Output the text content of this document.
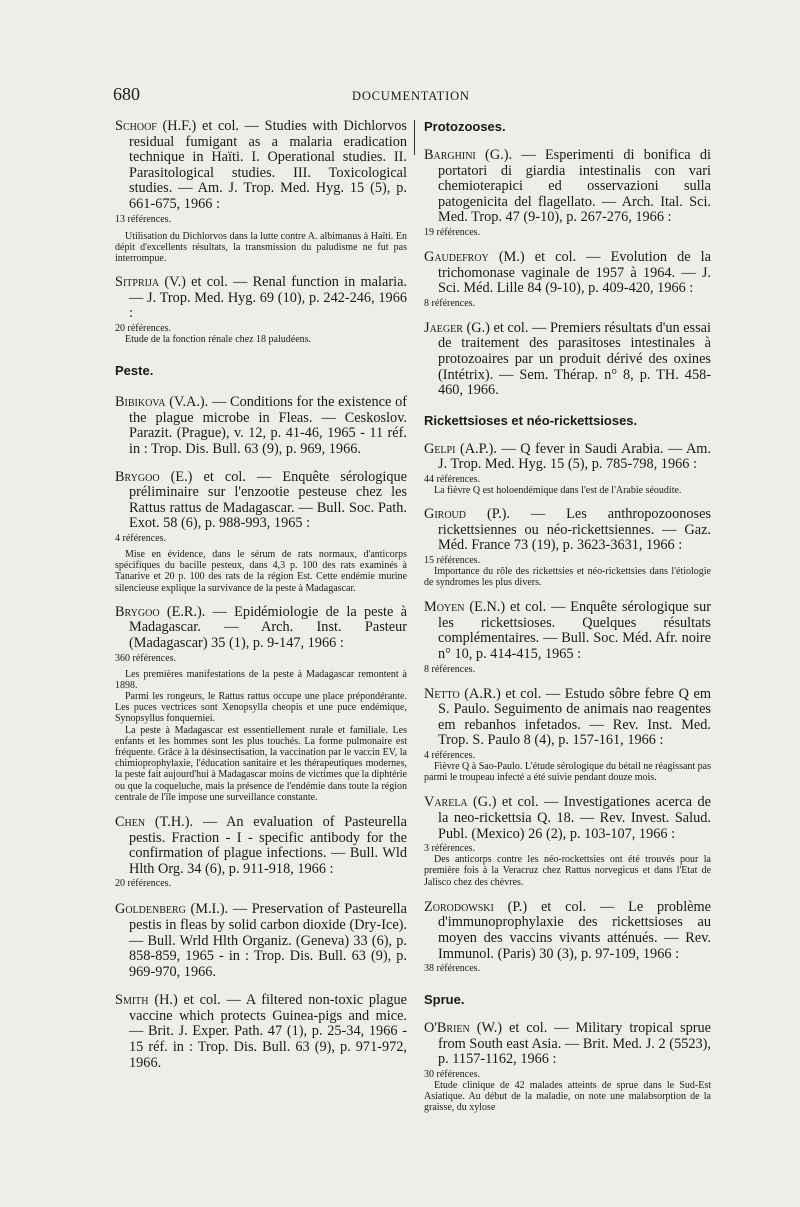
680	DOCUMENTATION
Schoof (H.F.) et col. — Studies with Dichlorvos residual fumigant as a malaria eradication technique in Haïti. I. Operational studies. II. Parasitological studies. III. Toxicological studies. — Am. J. Trop. Med. Hyg. 15 (5), p. 661-675, 1966 :
13 références.
Utilisation du Dichlorvos dans la lutte contre A. albimanus à Haïti. En dépit d'excellents résultats, la transmission du paludisme ne fut pas interrompue.
Sitprija (V.) et col. — Renal function in malaria. — J. Trop. Med. Hyg. 69 (10), p. 242-246, 1966 :
20 références.
Etude de la fonction rénale chez 18 paludéens.
Peste.
Bibikova (V.A.). — Conditions for the existence of the plague microbe in Fleas. — Ceskoslov. Parazit. (Prague), v. 12, p. 41-46, 1965 - 11 réf. in : Trop. Dis. Bull. 63 (9), p. 969, 1966.
Brygoo (E.) et col. — Enquête sérologique préliminaire sur l'enzootie pesteuse chez les Rattus rattus de Madagascar. — Bull. Soc. Path. Exot. 58 (6), p. 988-993, 1965 :
4 références.
Mise en évidence, dans le sérum de rats normaux, d'anticorps spécifiques du bacille pesteux, dans 4,3 p. 100 des rats examinés à Tanarive et 20 p. 100 des rats de la région Est. Cette endémie murine silencieuse explique la survivance de la peste à Madagascar.
Brygoo (E.R.). — Epidémiologie de la peste à Madagascar. — Arch. Inst. Pasteur (Madagascar) 35 (1), p. 9-147, 1966 :
360 références.
Les premières manifestations de la peste à Madagascar remontent à 1898.
Parmi les rongeurs, le Rattus rattus occupe une place prépondérante. Les puces vectrices sont Xenopsylla cheopis et une puce endémique, Synopsyllus fonquerniei.
La peste à Madagascar est essentiellement rurale et familiale. Les enfants et les hommes sont les plus touchés. La forme pulmonaire est fréquente. Grâce à la désinsectisation, la vaccination par le vaccin EV, la chimioprophylaxie, l'éducation sanitaire et les thérapeutiques modernes, la peste fait aujourd'hui à Madagascar moins de victimes que la diphtérie ou que la coqueluche, mais la présence de l'endémie dans toute la région centrale de l'île impose une surveillance constante.
Chen (T.H.). — An evaluation of Pasteurella pestis. Fraction - I - specific antibody for the confirmation of plague infections. — Bull. Wld Hlth Org. 34 (6), p. 911-918, 1966 :
20 références.
Goldenberg (M.I.). — Preservation of Pasteurella pestis in fleas by solid carbon dioxide (Dry-Ice). — Bull. Wrld Hlth Organiz. (Geneva) 33 (6), p. 858-859, 1965 - in : Trop. Dis. Bull. 63 (9), p. 969-970, 1966.
Smith (H.) et col. — A filtered non-toxic plague vaccine which protects Guinea-pigs and mice. — Brit. J. Exper. Path. 47 (1), p. 25-34, 1966 - 15 réf. in : Trop. Dis. Bull. 63 (9), p. 971-972, 1966.
Protozooses.
Barghini (G.). — Esperimenti di bonifica di portatori di giardia intestinalis con vari chemioterapici ed osservazioni sulla patogenicita del flagellato. — Arch. Ital. Sci. Med. Trop. 47 (9-10), p. 267-276, 1966 :
19 références.
Gaudefroy (M.) et col. — Evolution de la trichomonase vaginale de 1957 à 1964. — J. Sci. Méd. Lille 84 (9-10), p. 409-420, 1966 :
8 références.
Jaeger (G.) et col. — Premiers résultats d'un essai de traitement des parasitoses intestinales à protozoaires par un produit dérivé des oxines (Intétrix). — Sem. Thérap. n° 8, p. TH. 458-460, 1966.
Rickettsioses et néo-rickettsioses.
Gelpi (A.P.). — Q fever in Saudi Arabia. — Am. J. Trop. Med. Hyg. 15 (5), p. 785-798, 1966 :
44 références.
La fièvre Q est holoendémique dans l'est de l'Arabie séoudite.
Giroud (P.). — Les anthropozoonoses rickettsiennes ou néo-rickettsiennes. — Gaz. Méd. France 73 (19), p. 3623-3631, 1966 :
15 références.
Importance du rôle des rickettsies et néo-rickettsies dans l'étiologie de syndromes les plus divers.
Moyen (E.N.) et col. — Enquête sérologique sur les rickettsioses. Quelques résultats complémentaires. — Bull. Soc. Méd. Afr. noire n° 10, p. 414-415, 1965 :
8 références.
Netto (A.R.) et col. — Estudo sôbre febre Q em S. Paulo. Seguimento de animais nao reagentes em rebanhos infetados. — Rev. Inst. Med. Trop. S. Paulo 8 (4), p. 157-161, 1966 :
4 références.
Fièvre Q à Sao-Paulo. L'étude sérologique du bétail ne réagissant pas parmi le troupeau infecté a été suivie pendant douze mois.
Varela (G.) et col. — Investigationes acerca de la neo-rickettsia Q. 18. — Rev. Invest. Salud. Publ. (Mexico) 26 (2), p. 103-107, 1966 :
3 références.
Des anticorps contre les néo-rockettsies ont été trouvés pour la première fois à la Veracruz chez Rattus norvegicus et dans l'Etat de Jalisco chez des chèvres.
Zorodowski (P.) et col. — Le problème d'immunoprophylaxie des rickettsioses au moyen des vaccins vivants atténués. — Rev. Immunol. (Paris) 30 (3), p. 97-109, 1966 :
38 références.
Sprue.
O'Brien (W.) et col. — Military tropical sprue from South east Asia. — Brit. Med. J. 2 (5523), p. 1157-1162, 1966 :
30 références.
Etude clinique de 42 malades atteints de sprue dans le Sud-Est Asiatique. Au début de la maladie, on note une malabsorption de la graisse, du xylose
